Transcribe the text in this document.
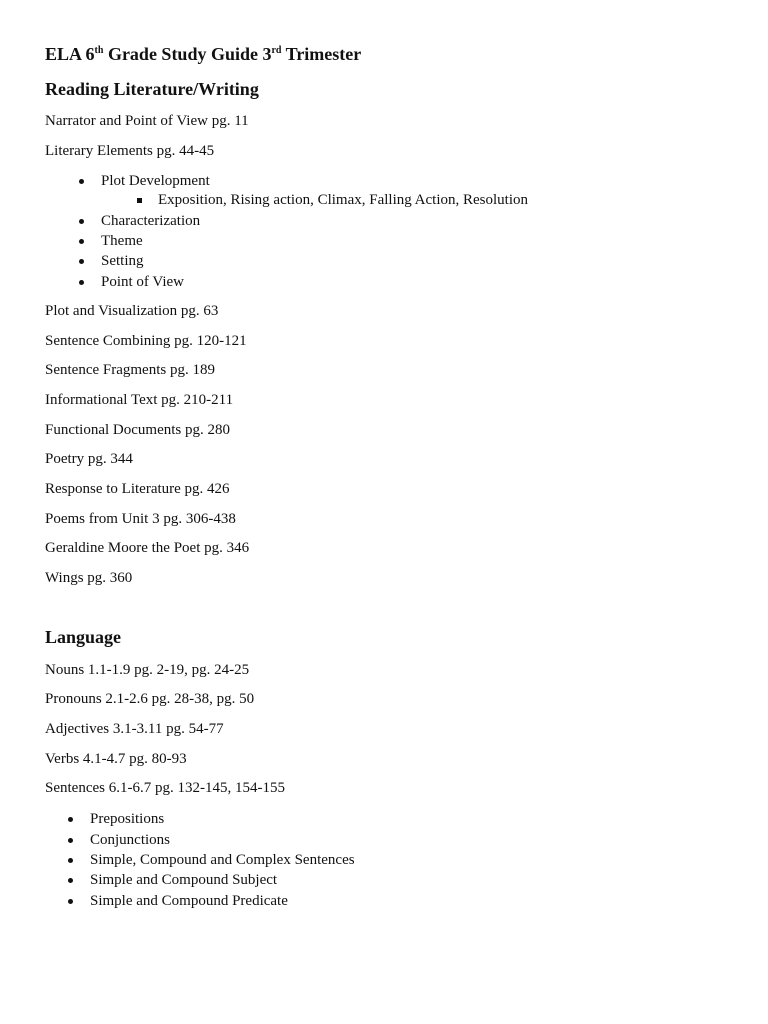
ELA 6th Grade Study Guide 3rd Trimester
Reading Literature/Writing

Narrator and Point of View pg. 11

Literary Elements pg. 44-45

Plot Development
Exposition, Rising action, Climax, Falling Action, Resolution
Characterization
Theme
Setting
Point of View

Plot and Visualization pg. 63

Sentence Combining pg. 120-121

Sentence Fragments pg. 189

Informational Text pg. 210-211

Functional Documents pg. 280

Poetry pg. 344

Response to Literature pg. 426

Poems from Unit 3 pg. 306-438

Geraldine Moore the Poet pg. 346

Wings pg. 360

Language

Nouns 1.1-1.9 pg. 2-19, pg. 24-25

Pronouns 2.1-2.6 pg. 28-38, pg. 50

Adjectives 3.1-3.11 pg. 54-77

Verbs 4.1-4.7 pg. 80-93

Sentences 6.1-6.7 pg. 132-145, 154-155

Prepositions
Conjunctions
Simple, Compound and Complex Sentences
Simple and Compound Subject
Simple and Compound Predicate
